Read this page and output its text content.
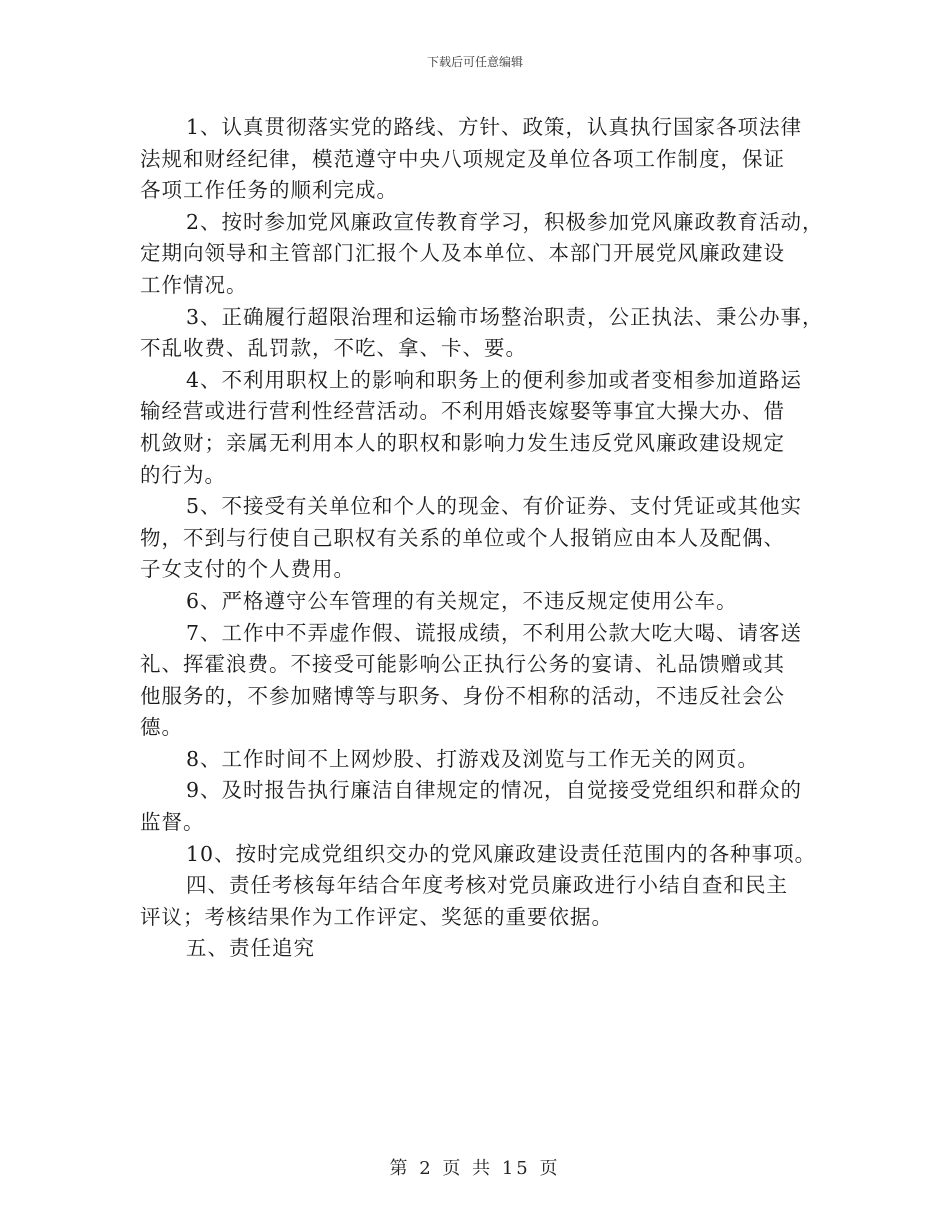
下载后可任意编辑

1、认真贯彻落实党的路线、方针、政策，认真执行国家各项法律
法规和财经纪律，模范遵守中央八项规定及单位各项工作制度，保证
各项工作任务的顺利完成。

2、按时参加党风廉政宣传教育学习，积极参加党风廉政教育活动，
定期向领导和主管部门汇报个人及本单位、本部门开展党风廉政建设
工作情况。

3、正确履行超限治理和运输市场整治职责，公正执法、秉公办事，
不乱收费、乱罚款，不吃、拿、卡、要。

4、不利用职权上的影响和职务上的便利参加或者变相参加道路运
输经营或进行营利性经营活动。不利用婚丧嫁娶等事宜大操大办、借
机敛财；亲属无利用本人的职权和影响力发生违反党风廉政建设规定
的行为。

5、不接受有关单位和个人的现金、有价证券、支付凭证或其他实
物，不到与行使自己职权有关系的单位或个人报销应由本人及配偶、
子女支付的个人费用。

6、严格遵守公车管理的有关规定，不违反规定使用公车。

7、工作中不弄虚作假、谎报成绩，不利用公款大吃大喝、请客送
礼、挥霍浪费。不接受可能影响公正执行公务的宴请、礼品馈赠或其
他服务的，不参加赌博等与职务、身份不相称的活动，不违反社会公
德。

8、工作时间不上网炒股、打游戏及浏览与工作无关的网页。

9、及时报告执行廉洁自律规定的情况，自觉接受党组织和群众的
监督。

10、按时完成党组织交办的党风廉政建设责任范围内的各种事项。

四、责任考核每年结合年度考核对党员廉政进行小结自查和民主
评议；考核结果作为工作评定、奖惩的重要依据。

五、责任追究

第 2 页 共 15 页
